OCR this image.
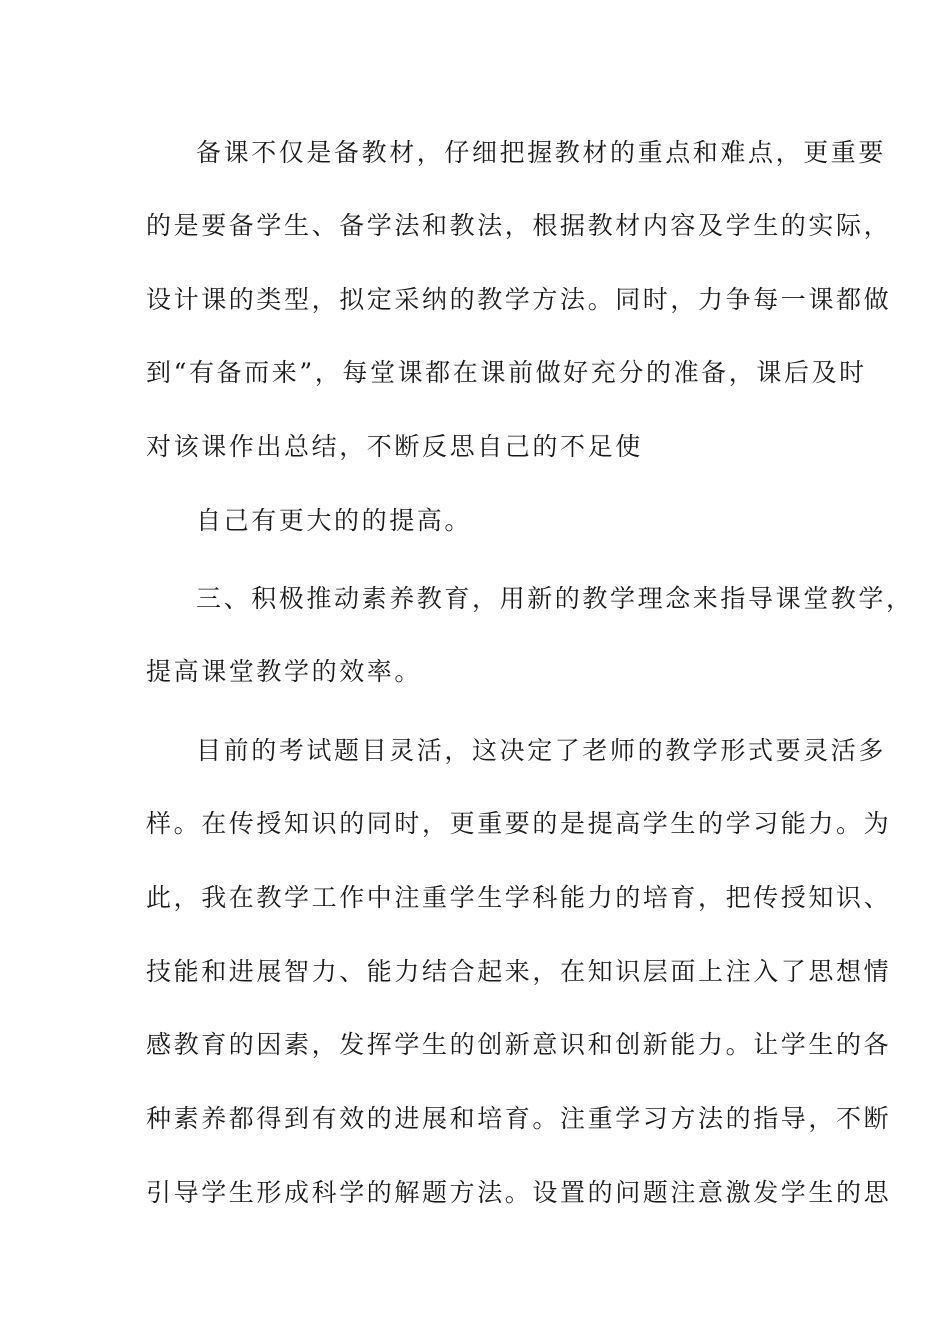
备课不仅是备教材，仔细把握教材的重点和难点，更重要
的是要备学生、备学法和教法，根据教材内容及学生的实际，
设计课的类型，拟定采纳的教学方法。同时，力争每一课都做
到“有备而来”，每堂课都在课前做好充分的准备，课后及时
对该课作出总结，不断反思自己的不足使
自己有更大的的提高。
三、积极推动素养教育，用新的教学理念来指导课堂教学，
提高课堂教学的效率。
目前的考试题目灵活，这决定了老师的教学形式要灵活多
样。在传授知识的同时，更重要的是提高学生的学习能力。为
此，我在教学工作中注重学生学科能力的培育，把传授知识、
技能和进展智力、能力结合起来，在知识层面上注入了思想情
感教育的因素，发挥学生的创新意识和创新能力。让学生的各
种素养都得到有效的进展和培育。注重学习方法的指导，不断
引导学生形成科学的解题方法。设置的问题注意激发学生的思
